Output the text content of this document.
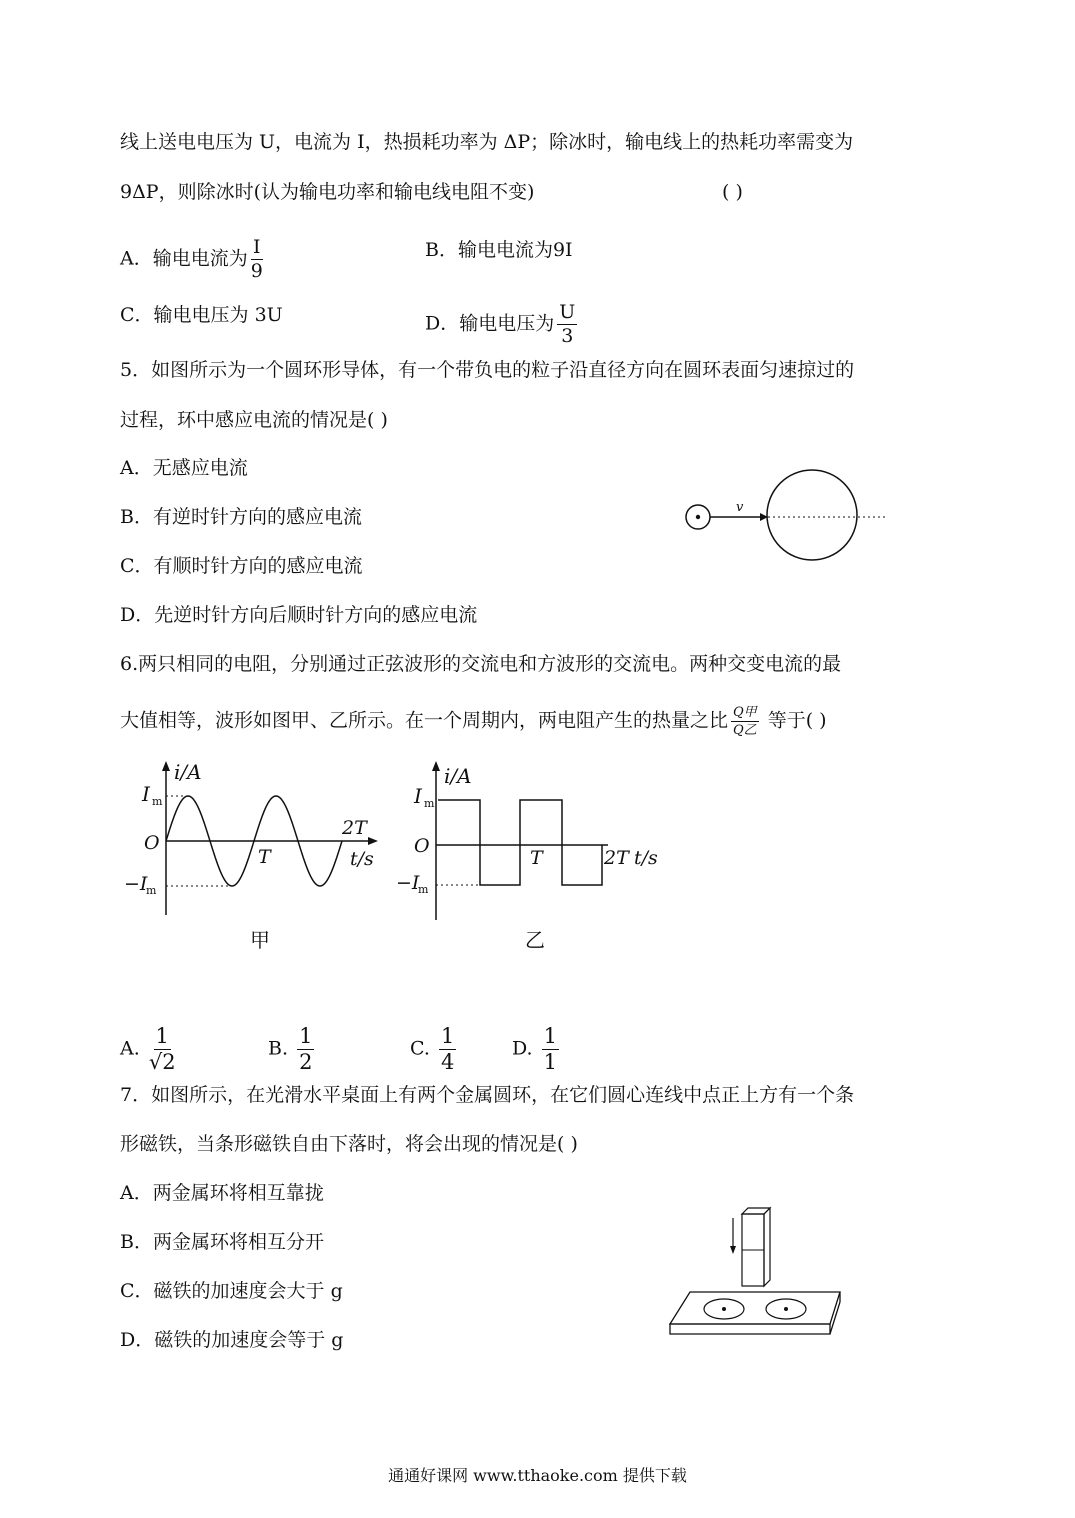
线上送电电压为 U，电流为 I，热损耗功率为 ΔP；除冰时，输电线上的热耗功率需变为
9ΔP，则除冰时(认为输电功率和输电线电阻不变)	( )
A．输电电流为 $\frac{I}{9}$	B．输电电流为9I
C．输电电压为 3U	D．输电电压为 $\frac{U}{3}$
5．如图所示为一个圆环形导体，有一个带负电的粒子沿直径方向在圆环表面匀速掠过的
过程，环中感应电流的情况是( )
A．无感应电流
B．有逆时针方向的感应电流
C．有顺时针方向的感应电流
D．先逆时针方向后顺时针方向的感应电流
v
6.两只相同的电阻，分别通过正弦波形的交流电和方波形的交流电。两种交变电流的最
大值相等，波形如图甲、乙所示。在一个周期内，两电阻产生的热量之比 $\frac{\text{Q甲}}{\text{Q乙}}$ 等于( )
i/A
I m
O
T
2T
t/s
−I
m
甲
i/A
I m
O
T	2T t/s
−I
m
乙
A. $\frac{1}{√2}$	B. $\frac{1}{2}$	C. $\frac{1}{4}$	D. $\frac{1}{1}$
7．如图所示，在光滑水平桌面上有两个金属圆环，在它们圆心连线中点正上方有一个条
形磁铁，当条形磁铁自由下落时，将会出现的情况是( )
A．两金属环将相互靠拢
B．两金属环将相互分开
C．磁铁的加速度会大于 g
D．磁铁的加速度会等于 g
通通好课网 www.tthaoke.com 提供下载
